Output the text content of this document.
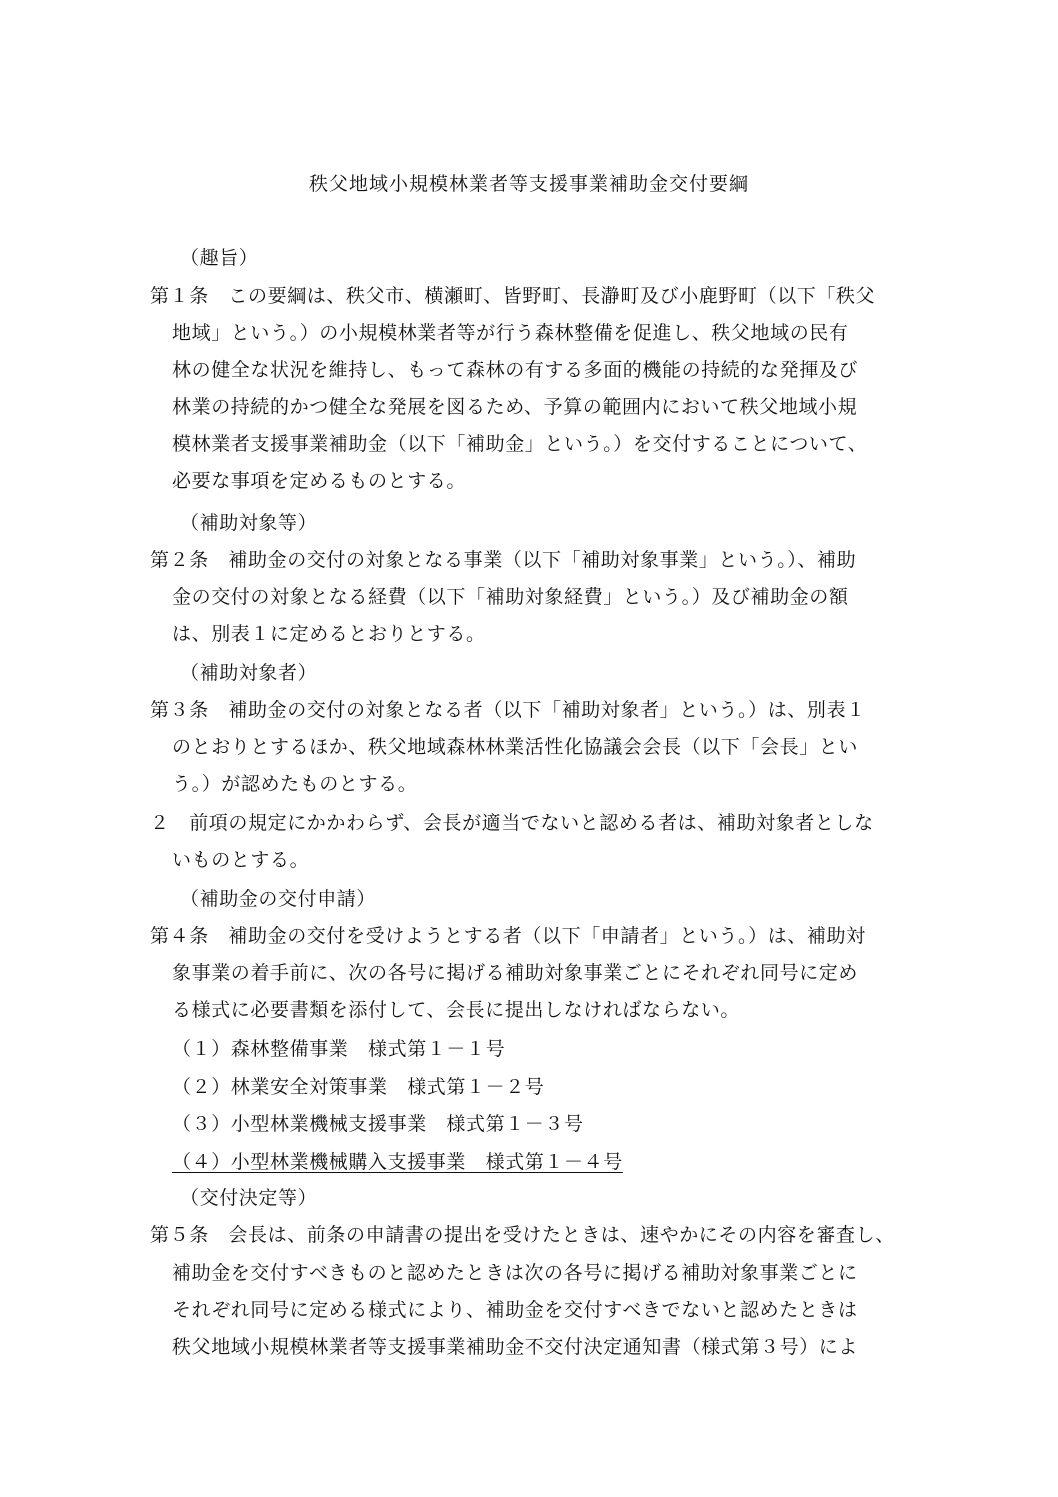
秩父地域小規模林業者等支援事業補助金交付要綱
（趣旨）
第１条　この要綱は、秩父市、横瀬町、皆野町、長瀞町及び小鹿野町（以下「秩父
地域」という。）の小規模林業者等が行う森林整備を促進し、秩父地域の民有
林の健全な状況を維持し、もって森林の有する多面的機能の持続的な発揮及び
林業の持続的かつ健全な発展を図るため、予算の範囲内において秩父地域小規
模林業者支援事業補助金（以下「補助金」という。）を交付することについて、
必要な事項を定めるものとする。
（補助対象等）
第２条　補助金の交付の対象となる事業（以下「補助対象事業」という。）、補助
金の交付の対象となる経費（以下「補助対象経費」という。）及び補助金の額
は、別表１に定めるとおりとする。
（補助対象者）
第３条　補助金の交付の対象となる者（以下「補助対象者」という。）は、別表１
のとおりとするほか、秩父地域森林林業活性化協議会会長（以下「会長」とい
う。）が認めたものとする。
２　前項の規定にかかわらず、会長が適当でないと認める者は、補助対象者としな
いものとする。
（補助金の交付申請）
第４条　補助金の交付を受けようとする者（以下「申請者」という。）は、補助対
象事業の着手前に、次の各号に掲げる補助対象事業ごとにそれぞれ同号に定め
る様式に必要書類を添付して、会長に提出しなければならない。
（１）森林整備事業　様式第１－１号
（２）林業安全対策事業　様式第１－２号
（３）小型林業機械支援事業　様式第１－３号
（４）小型林業機械購入支援事業　様式第１－４号
（交付決定等）
第５条　会長は、前条の申請書の提出を受けたときは、速やかにその内容を審査し、
補助金を交付すべきものと認めたときは次の各号に掲げる補助対象事業ごとに
それぞれ同号に定める様式により、補助金を交付すべきでないと認めたときは
秩父地域小規模林業者等支援事業補助金不交付決定通知書（様式第３号）によ
